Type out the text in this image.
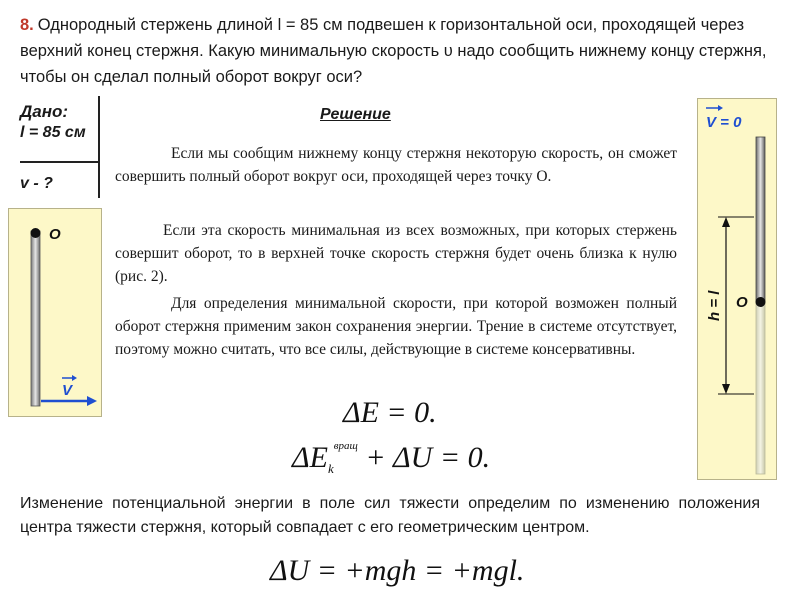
8. Однородный стержень длиной l = 85 см подвешен к горизонтальной оси, проходящей через верхний конец стержня. Какую минимальную скорость υ надо сообщить нижнему концу стержня, чтобы он сделал полный оборот вокруг оси?
Дано:
l = 85 см
v - ?
Решение
Если мы сообщим нижнему концу стержня некоторую скорость, он сможет совершить полный оборот вокруг оси, проходящей через точку О.
Если эта скорость минимальная из всех возможных, при которых стержень совершит оборот, то в верхней точке скорость стержня будет очень близка к нулю (рис. 2).
Для определения минимальной скорости, при которой возможен полный оборот стержня применим закон сохранения энергии. Трение в системе отсутствует, поэтому можно считать, что все силы, действующие в системе консервативны.
ΔE = 0.
$\Delta E_k^{вращ} + \Delta U = 0$.
Изменение потенциальной энергии в поле сил тяжести определим по изменению положения центра тяжести стержня, который совпадает с его геометрическим центром.
ΔU = +mgh = +mgl.
O
V
V = 0
O
h = l
